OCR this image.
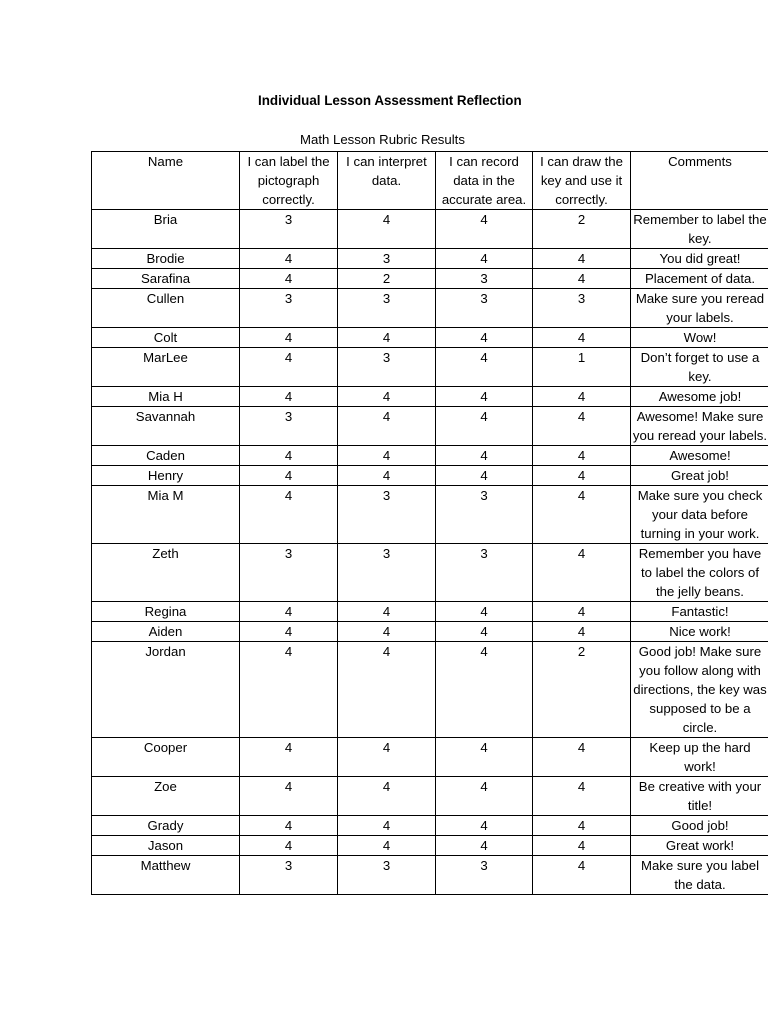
Individual Lesson Assessment Reflection
Math Lesson Rubric Results
Name	I can label the pictograph correctly.	I can interpret data.	I can record data in the accurate area.	I can draw the key and use it correctly.	Comments
Bria	3	4	4	2	Remember to label the key.
Brodie	4	3	4	4	You did great!
Sarafina	4	2	3	4	Placement of data.
Cullen	3	3	3	3	Make sure you reread your labels.
Colt	4	4	4	4	Wow!
MarLee	4	3	4	1	Don’t forget to use a key.
Mia H	4	4	4	4	Awesome job!
Savannah	3	4	4	4	Awesome! Make sure you reread your labels.
Caden	4	4	4	4	Awesome!
Henry	4	4	4	4	Great job!
Mia M	4	3	3	4	Make sure you check your data before turning in your work.
Zeth	3	3	3	4	Remember you have to label the colors of the jelly beans.
Regina	4	4	4	4	Fantastic!
Aiden	4	4	4	4	Nice work!
Jordan	4	4	4	2	Good job! Make sure you follow along with directions, the key was supposed to be a circle.
Cooper	4	4	4	4	Keep up the hard work!
Zoe	4	4	4	4	Be creative with your title!
Grady	4	4	4	4	Good job!
Jason	4	4	4	4	Great work!
Matthew	3	3	3	4	Make sure you label the data.
